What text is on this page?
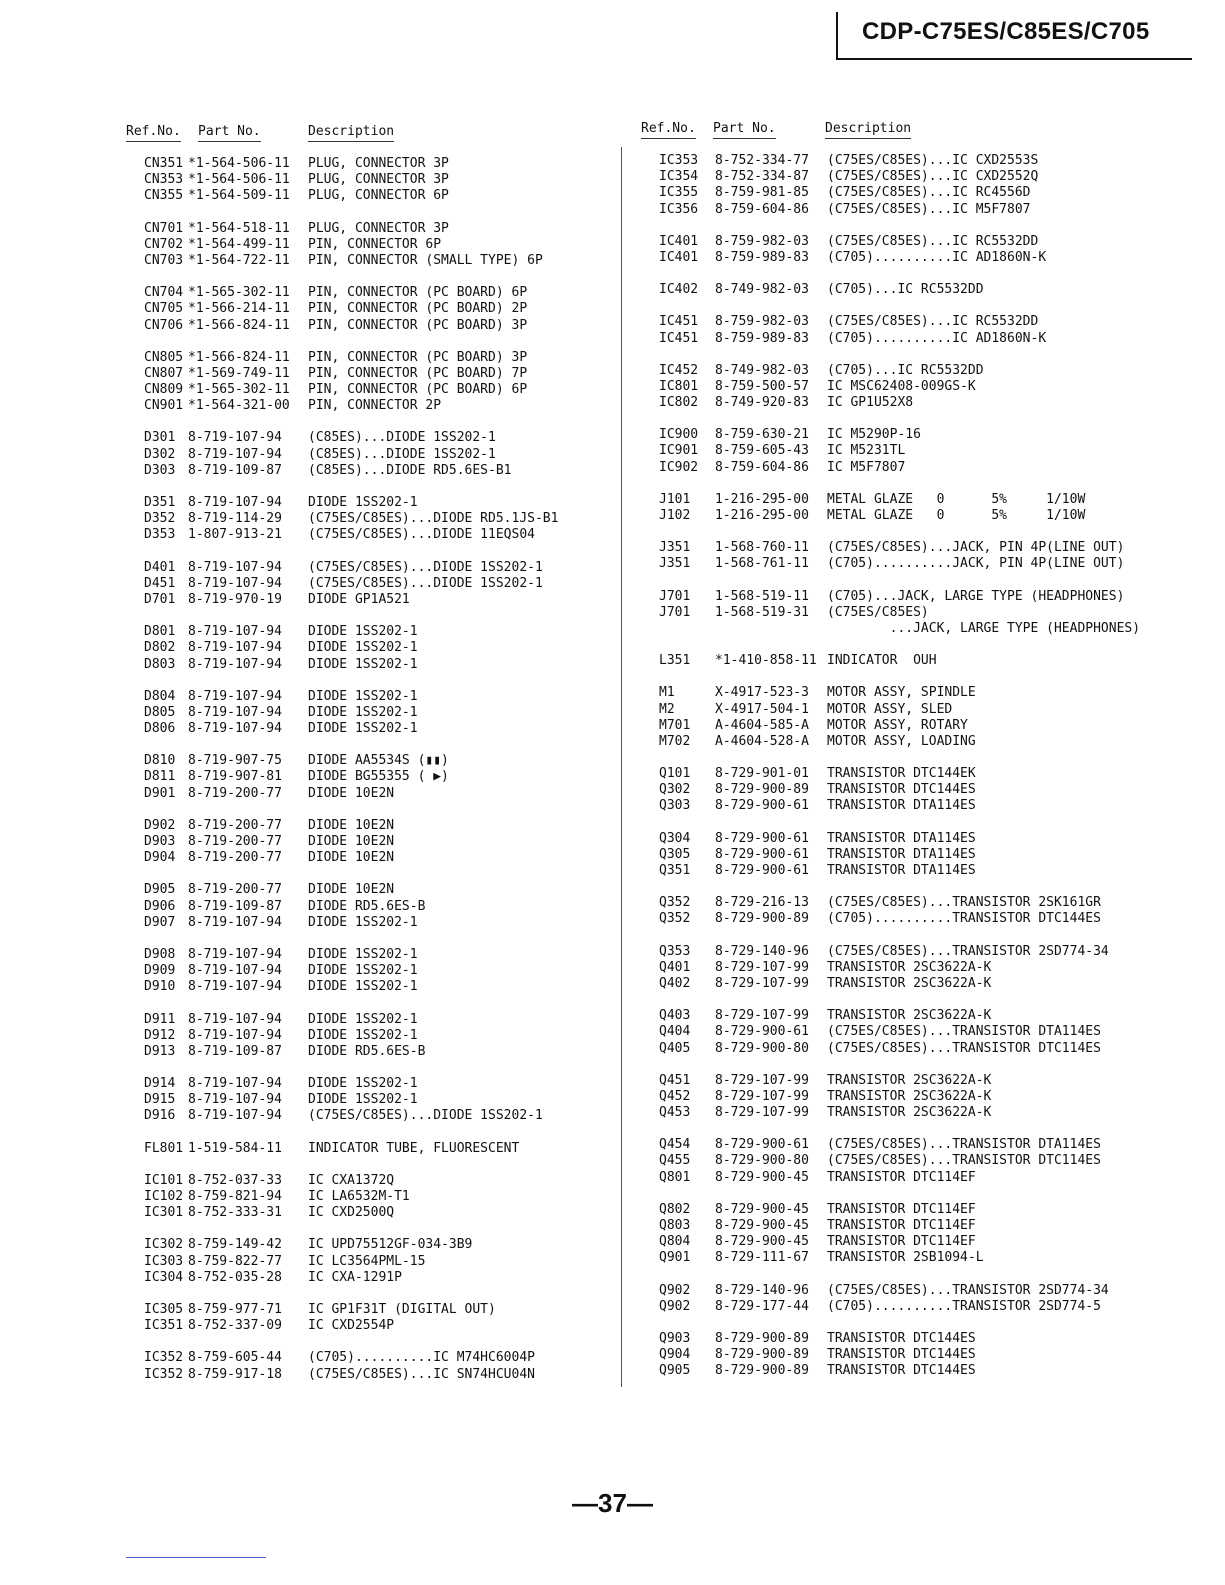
CDP-C75ES/C85ES/C705
Ref.No. Part No.	Description
CN351 *1-564-506-11 PLUG, CONNECTOR 3P
CN353 *1-564-506-11 PLUG, CONNECTOR 3P
CN355 *1-564-509-11 PLUG, CONNECTOR 6P
CN701 *1-564-518-11 PLUG, CONNECTOR 3P
CN702 *1-564-499-11 PIN, CONNECTOR 6P
CN703 *1-564-722-11 PIN, CONNECTOR (SMALL TYPE) 6P
CN704 *1-565-302-11 PIN, CONNECTOR (PC BOARD) 6P
CN705 *1-566-214-11 PIN, CONNECTOR (PC BOARD) 2P
CN706 *1-566-824-11 PIN, CONNECTOR (PC BOARD) 3P
CN805 *1-566-824-11 PIN, CONNECTOR (PC BOARD) 3P
CN807 *1-569-749-11 PIN, CONNECTOR (PC BOARD) 7P
CN809 *1-565-302-11 PIN, CONNECTOR (PC BOARD) 6P
CN901 *1-564-321-00 PIN, CONNECTOR 2P
D301 8-719-107-94 (C85ES)...DIODE 1SS202-1
D302 8-719-107-94 (C85ES)...DIODE 1SS202-1
D303 8-719-109-87 (C85ES)...DIODE RD5.6ES-B1
D351 8-719-107-94 DIODE 1SS202-1
D352 8-719-114-29 (C75ES/C85ES)...DIODE RD5.1JS-B1
D353 1-807-913-21 (C75ES/C85ES)...DIODE 11EQS04
D401 8-719-107-94 (C75ES/C85ES)...DIODE 1SS202-1
D451 8-719-107-94 (C75ES/C85ES)...DIODE 1SS202-1
D701 8-719-970-19 DIODE GP1A521
D801 8-719-107-94 DIODE 1SS202-1
D802 8-719-107-94 DIODE 1SS202-1
D803 8-719-107-94 DIODE 1SS202-1
D804 8-719-107-94 DIODE 1SS202-1
D805 8-719-107-94 DIODE 1SS202-1
D806 8-719-107-94 DIODE 1SS202-1
D810 8-719-907-75 DIODE AA5534S (▮▮)
D811 8-719-907-81 DIODE BG55355 ( ▶)
D901 8-719-200-77 DIODE 10E2N
D902 8-719-200-77 DIODE 10E2N
D903 8-719-200-77 DIODE 10E2N
D904 8-719-200-77 DIODE 10E2N
D905 8-719-200-77 DIODE 10E2N
D906 8-719-109-87 DIODE RD5.6ES-B
D907 8-719-107-94 DIODE 1SS202-1
D908 8-719-107-94 DIODE 1SS202-1
D909 8-719-107-94 DIODE 1SS202-1
D910 8-719-107-94 DIODE 1SS202-1
D911 8-719-107-94 DIODE 1SS202-1
D912 8-719-107-94 DIODE 1SS202-1
D913 8-719-109-87 DIODE RD5.6ES-B
D914 8-719-107-94 DIODE 1SS202-1
D915 8-719-107-94 DIODE 1SS202-1
D916 8-719-107-94 (C75ES/C85ES)...DIODE 1SS202-1
FL801 1-519-584-11 INDICATOR TUBE, FLUORESCENT
IC101 8-752-037-33 IC CXA1372Q
IC102 8-759-821-94 IC LA6532M-T1
IC301 8-752-333-31 IC CXD2500Q
IC302 8-759-149-42 IC UPD75512GF-034-3B9
IC303 8-759-822-77 IC LC3564PML-15
IC304 8-752-035-28 IC CXA-1291P
IC305 8-759-977-71 IC GP1F31T (DIGITAL OUT)
IC351 8-752-337-09 IC CXD2554P
IC352 8-759-605-44 (C705)..........IC M74HC6004P
IC352 8-759-917-18 (C75ES/C85ES)...IC SN74HCU04N
Ref.No. Part No.	Description
IC353 8-752-334-77 (C75ES/C85ES)...IC CXD2553S
IC354 8-752-334-87 (C75ES/C85ES)...IC CXD2552Q
IC355 8-759-981-85 (C75ES/C85ES)...IC RC4556D
IC356 8-759-604-86 (C75ES/C85ES)...IC M5F7807
IC401 8-759-982-03 (C75ES/C85ES)...IC RC5532DD
IC401 8-759-989-83 (C705)..........IC AD1860N-K
IC402 8-749-982-03 (C705)...IC RC5532DD
IC451 8-759-982-03 (C75ES/C85ES)...IC RC5532DD
IC451 8-759-989-83 (C705)..........IC AD1860N-K
IC452 8-749-982-03 (C705)...IC RC5532DD
IC801 8-759-500-57 IC MSC62408-009GS-K
IC802 8-749-920-83 IC GP1U52X8
IC900 8-759-630-21 IC M5290P-16
IC901 8-759-605-43 IC M5231TL
IC902 8-759-604-86 IC M5F7807
J101 1-216-295-00 METAL GLAZE   0      5%     1/10W
J102 1-216-295-00 METAL GLAZE   0      5%     1/10W
J351 1-568-760-11 (C75ES/C85ES)...JACK, PIN 4P(LINE OUT)
J351 1-568-761-11 (C705)..........JACK, PIN 4P(LINE OUT)
J701 1-568-519-11 (C705)...JACK, LARGE TYPE (HEADPHONES)
J701 1-568-519-31 (C75ES/C85ES)
...JACK, LARGE TYPE (HEADPHONES)
L351 *1-410-858-11 INDICATOR  OUH
M1	X-4917-523-3 MOTOR ASSY, SPINDLE
M2	X-4917-504-1 MOTOR ASSY, SLED
M701 A-4604-585-A MOTOR ASSY, ROTARY
M702 A-4604-528-A MOTOR ASSY, LOADING
Q101 8-729-901-01 TRANSISTOR DTC144EK
Q302 8-729-900-89 TRANSISTOR DTC144ES
Q303 8-729-900-61 TRANSISTOR DTA114ES
Q304 8-729-900-61 TRANSISTOR DTA114ES
Q305 8-729-900-61 TRANSISTOR DTA114ES
Q351 8-729-900-61 TRANSISTOR DTA114ES
Q352 8-729-216-13 (C75ES/C85ES)...TRANSISTOR 2SK161GR
Q352 8-729-900-89 (C705)..........TRANSISTOR DTC144ES
Q353 8-729-140-96 (C75ES/C85ES)...TRANSISTOR 2SD774-34
Q401 8-729-107-99 TRANSISTOR 2SC3622A-K
Q402 8-729-107-99 TRANSISTOR 2SC3622A-K
Q403 8-729-107-99 TRANSISTOR 2SC3622A-K
Q404 8-729-900-61 (C75ES/C85ES)...TRANSISTOR DTA114ES
Q405 8-729-900-80 (C75ES/C85ES)...TRANSISTOR DTC114ES
Q451 8-729-107-99 TRANSISTOR 2SC3622A-K
Q452 8-729-107-99 TRANSISTOR 2SC3622A-K
Q453 8-729-107-99 TRANSISTOR 2SC3622A-K
Q454 8-729-900-61 (C75ES/C85ES)...TRANSISTOR DTA114ES
Q455 8-729-900-80 (C75ES/C85ES)...TRANSISTOR DTC114ES
Q801 8-729-900-45 TRANSISTOR DTC114EF
Q802 8-729-900-45 TRANSISTOR DTC114EF
Q803 8-729-900-45 TRANSISTOR DTC114EF
Q804 8-729-900-45 TRANSISTOR DTC114EF
Q901 8-729-111-67 TRANSISTOR 2SB1094-L
Q902 8-729-140-96 (C75ES/C85ES)...TRANSISTOR 2SD774-34
Q902 8-729-177-44 (C705)..........TRANSISTOR 2SD774-5
Q903 8-729-900-89 TRANSISTOR DTC144ES
Q904 8-729-900-89 TRANSISTOR DTC144ES
Q905 8-729-900-89 TRANSISTOR DTC144ES
—37—
